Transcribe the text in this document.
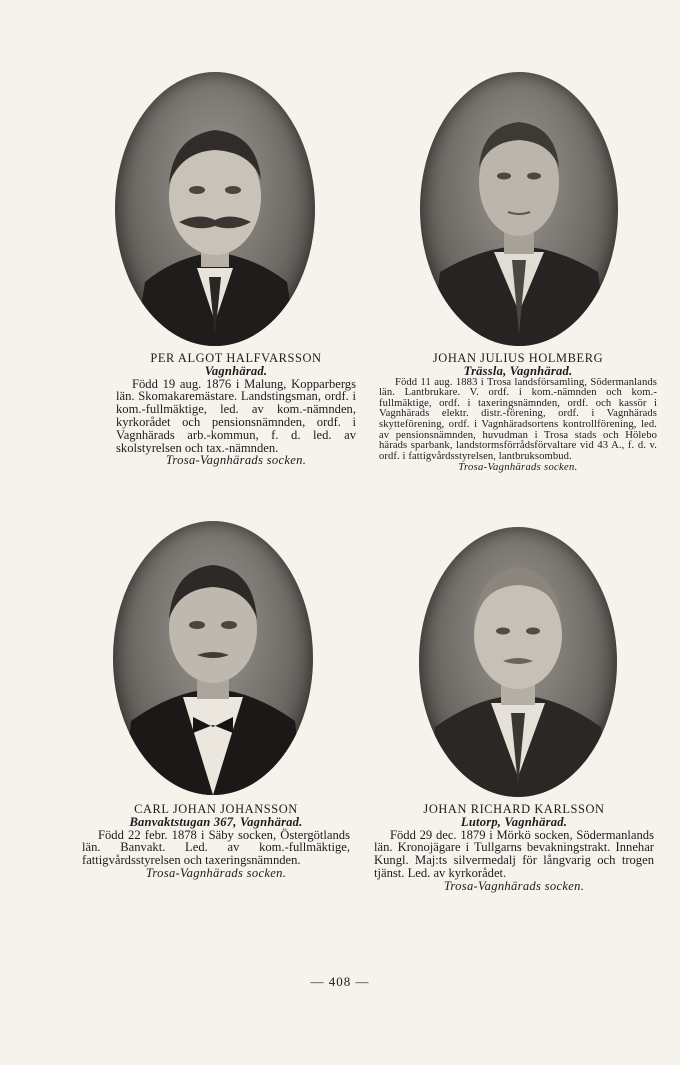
PER ALGOT HALFVARSSON
Vagnhärad.

Född 19 aug. 1876 i Malung, Kopparbergs län. Skomakaremästare. Landstingsman, ordf. i kom.-fullmäktige, led. av kom.-nämnden, kyrkorådet och pensionsnämnden, ordf. i Vagnhärads arb.-kommun, f. d. led. av skolstyrelsen och tax.-nämnden.

Trosa-Vagnhärads socken.
JOHAN JULIUS HOLMBERG
Trässla, Vagnhärad.

Född 11 aug. 1883 i Trosa landsförsamling, Södermanlands län. Lantbrukare. V. ordf. i kom.-nämnden och kom.-fullmäktige, ordf. i taxeringsnämnden, ordf. och kassör i Vagnhärads elektr. distr.-förening, ordf. i Vagnhärads skytteförening, ordf. i Vagnhäradsortens kontrollförening, led. av pensionsnämnden, huvudman i Trosa stads och Hölebo härads sparbank, landstormsförrådsförvaltare vid 43 A., f. d. v. ordf. i fattigvårdsstyrelsen, lantbruksombud.

Trosa-Vagnhärads socken.
CARL JOHAN JOHANSSON
Banvaktstugan 367, Vagnhärad.

Född 22 febr. 1878 i Säby socken, Östergötlands län. Banvakt. Led. av kom.-fullmäktige, fattigvårdsstyrelsen och taxeringsnämnden.

Trosa-Vagnhärads socken.
JOHAN RICHARD KARLSSON
Lutorp, Vagnhärad.

Född 29 dec. 1879 i Mörkö socken, Södermanlands län. Kronojägare i Tullgarns bevakningstrakt. Innehar Kungl. Maj:ts silvermedalj för långvarig och trogen tjänst. Led. av kyrkorådet.

Trosa-Vagnhärads socken.
— 408 —
